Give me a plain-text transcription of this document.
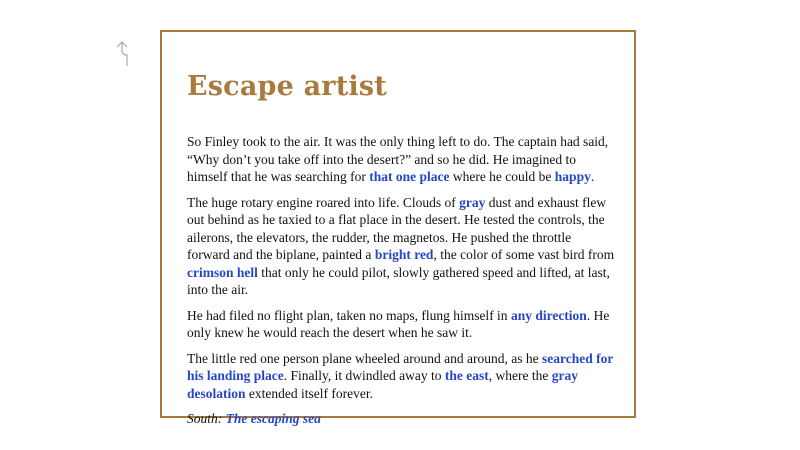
Escape artist

So Finley took to the air. It was the only thing left to do. The captain had said, “Why don’t you take off into the desert?” and so he did. He imagined to himself that he was searching for that one place where he could be happy.

The huge rotary engine roared into life. Clouds of gray dust and exhaust flew out behind as he taxied to a flat place in the desert. He tested the controls, the ailerons, the elevators, the rudder, the magnetos. He pushed the throttle forward and the biplane, painted a bright red, the color of some vast bird from crimson hell that only he could pilot, slowly gathered speed and lifted, at last, into the air.

He had filed no flight plan, taken no maps, flung himself in any direction. He only knew he would reach the desert when he saw it.

The little red one person plane wheeled around and around, as he searched for his landing place. Finally, it dwindled away to the east, where the gray desolation extended itself forever.

South: The escaping sea
